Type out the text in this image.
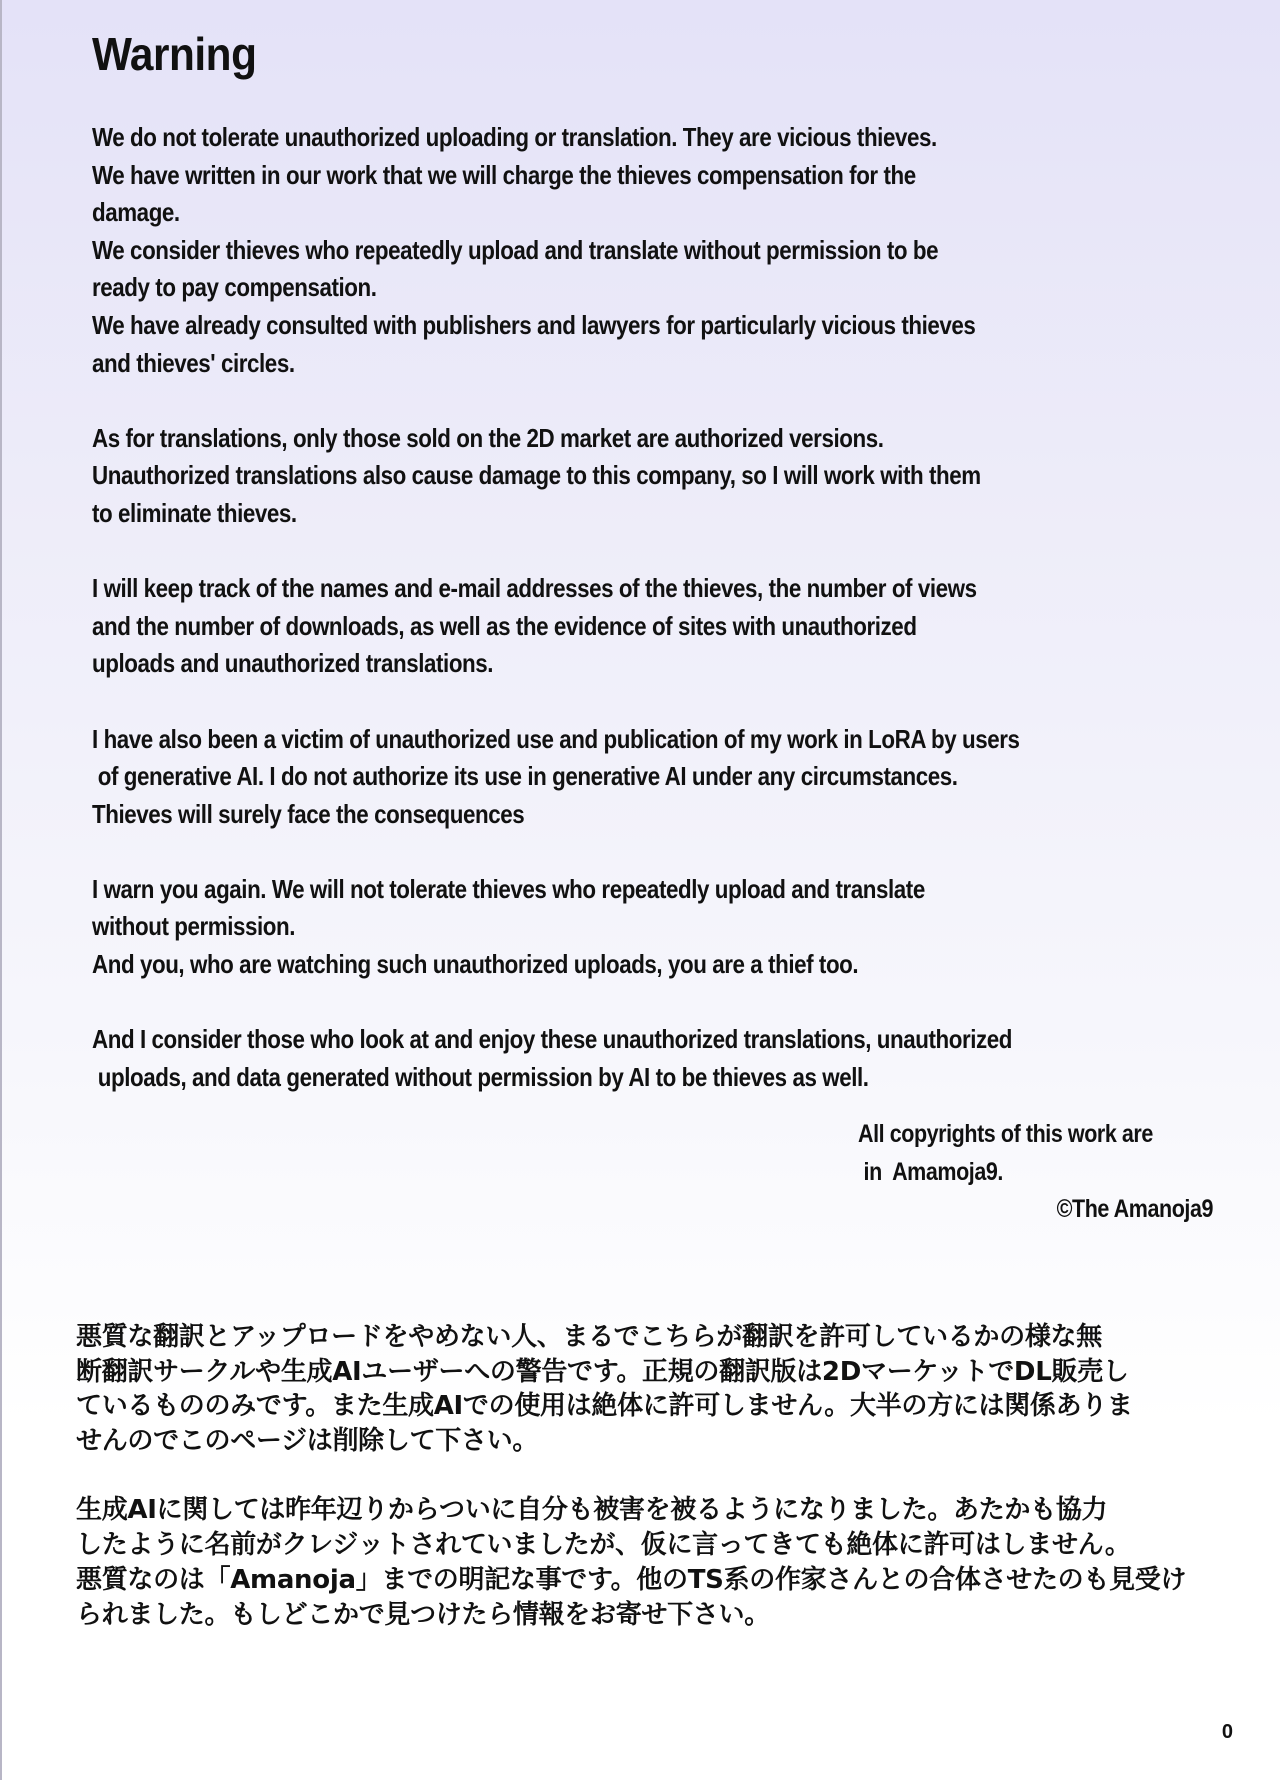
Warning
We do not tolerate unauthorized uploading or translation. They are vicious thieves.
We have written in our work that we will charge the thieves compensation for the
damage.
We consider thieves who repeatedly upload and translate without permission to be
ready to pay compensation.
We have already consulted with publishers and lawyers for particularly vicious thieves
and thieves' circles.
As for translations, only those sold on the 2D market are authorized versions.
Unauthorized translations also cause damage to this company, so I will work with them
to eliminate thieves.
I will keep track of the names and e-mail addresses of the thieves, the number of views
and the number of downloads, as well as the evidence of sites with unauthorized
uploads and unauthorized translations.
I have also been a victim of unauthorized use and publication of my work in LoRA by users
of generative AI. I do not authorize its use in generative AI under any circumstances.
Thieves will surely face the consequences
I warn you again. We will not tolerate thieves who repeatedly upload and translate
without permission.
And you, who are watching such unauthorized uploads, you are a thief too.
And I consider those who look at and enjoy these unauthorized translations, unauthorized
uploads, and data generated without permission by AI to be thieves as well.
All copyrights of this work are
in  Amamoja9.
©The Amanoja9
悪質な翻訳とアップロードをやめない人、まるでこちらが翻訳を許可しているかの様な無
断翻訳サークルや生成AIユーザーへの警告です。正規の翻訳版は2DマーケットでDL販売し
ているもののみです。また生成AIでの使用は絶体に許可しません。大半の方には関係ありま
せんのでこのページは削除して下さい。
生成AIに関しては昨年辺りからついに自分も被害を被るようになりました。あたかも協力
したように名前がクレジットされていましたが、仮に言ってきても絶体に許可はしません。
悪質なのは「Amanoja」までの明記な事です。他のTS系の作家さんとの合体させたのも見受け
られました。もしどこかで見つけたら情報をお寄せ下さい。
0
